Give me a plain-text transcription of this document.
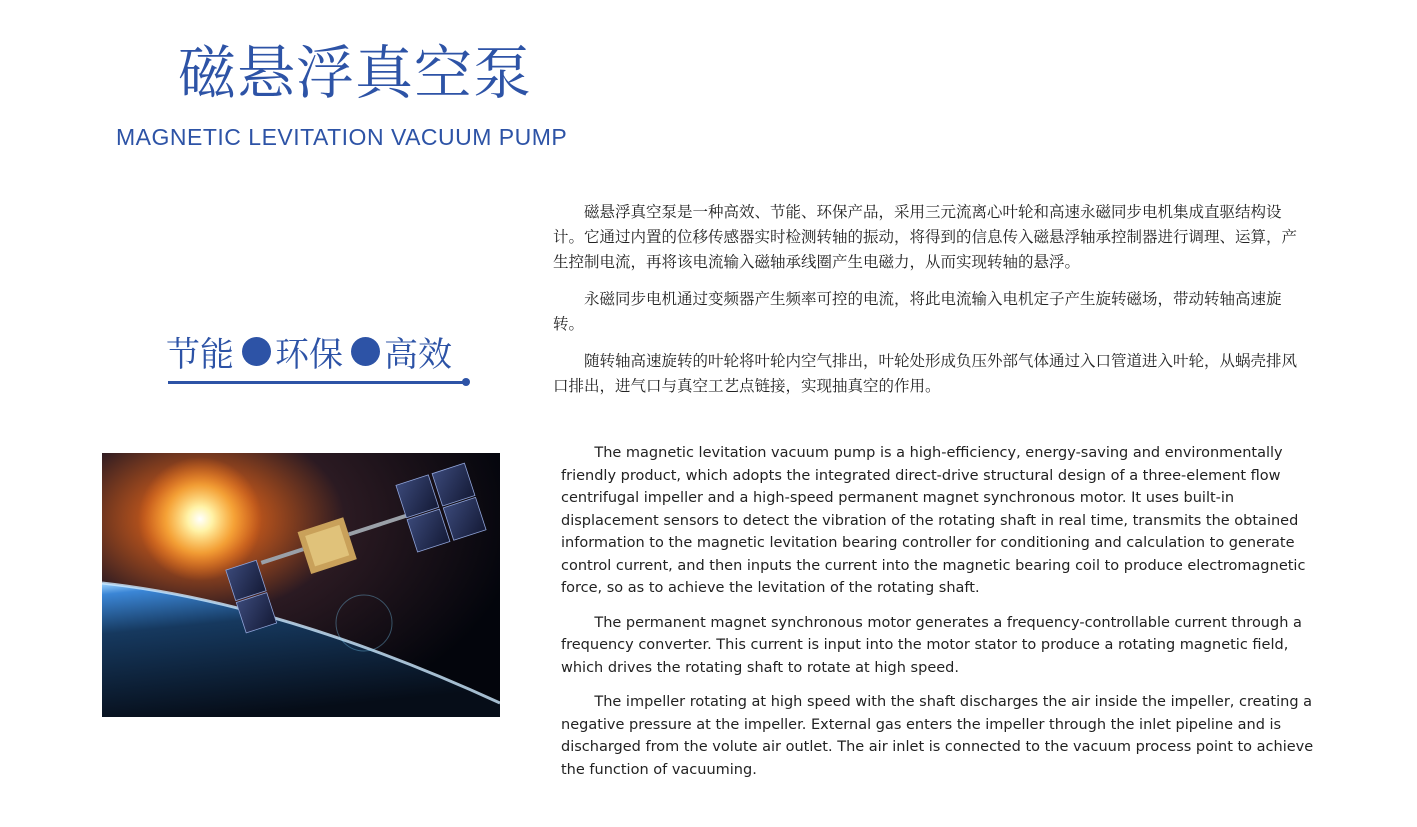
磁悬浮真空泵
MAGNETIC LEVITATION VACUUM PUMP
节能 环保 高效

磁悬浮真空泵是一种高效、节能、环保产品，采用三元流离心叶轮和高速永磁同步电机集成直驱结构设计。它通过内置的位移传感器实时检测转轴的振动，将得到的信息传入磁悬浮轴承控制器进行调理、运算，产生控制电流，再将该电流输入磁轴承线圈产生电磁力，从而实现转轴的悬浮。

永磁同步电机通过变频器产生频率可控的电流，将此电流输入电机定子产生旋转磁场，带动转轴高速旋转。

随转轴高速旋转的叶轮将叶轮内空气排出，叶轮处形成负压外部气体通过入口管道进入叶轮，从蜗壳排风口排出，进气口与真空工艺点链接，实现抽真空的作用。

The magnetic levitation vacuum pump is a high-efficiency, energy-saving and environmentally friendly product, which adopts the integrated direct-drive structural design of a three-element flow centrifugal impeller and a high-speed permanent magnet synchronous motor. It uses built-in displacement sensors to detect the vibration of the rotating shaft in real time, transmits the obtained information to the magnetic levitation bearing controller for conditioning and calculation to generate control current, and then inputs the current into the magnetic bearing coil to produce electromagnetic force, so as to achieve the levitation of the rotating shaft.

The permanent magnet synchronous motor generates a frequency-controllable current through a frequency converter. This current is input into the motor stator to produce a rotating magnetic field, which drives the rotating shaft to rotate at high speed.

The impeller rotating at high speed with the shaft discharges the air inside the impeller, creating a negative pressure at the impeller. External gas enters the impeller through the inlet pipeline and is discharged from the volute air outlet. The air inlet is connected to the vacuum process point to achieve the function of vacuuming.
